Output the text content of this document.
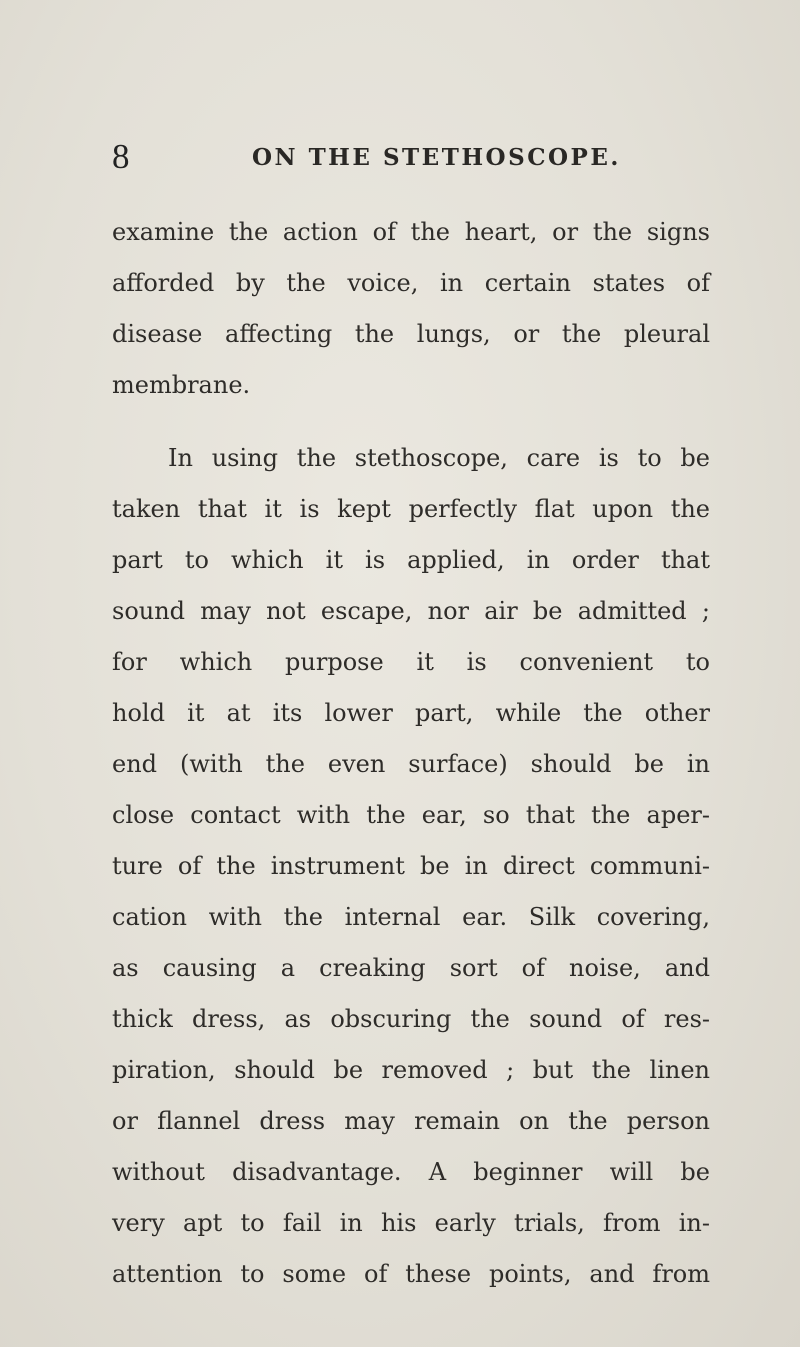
8	ON THE STETHOSCOPE.
examine the action of the heart, or the signs
afforded by the voice, in certain states of
disease affecting the lungs, or the pleural
membrane.
In using the stethoscope, care is to be
taken that it is kept perfectly flat upon the
part to which it is applied, in order that
sound may not escape, nor air be admitted ;
for which purpose it is convenient to
hold it at its lower part, while the other
end (with the even surface) should be in
close contact with the ear, so that the aper-
ture of the instrument be in direct communi-
cation with the internal ear. Silk covering,
as causing a creaking sort of noise, and
thick dress, as obscuring the sound of res-
piration, should be removed ; but the linen
or flannel dress may remain on the person
without disadvantage. A beginner will be
very apt to fail in his early trials, from in-
attention to some of these points, and from
